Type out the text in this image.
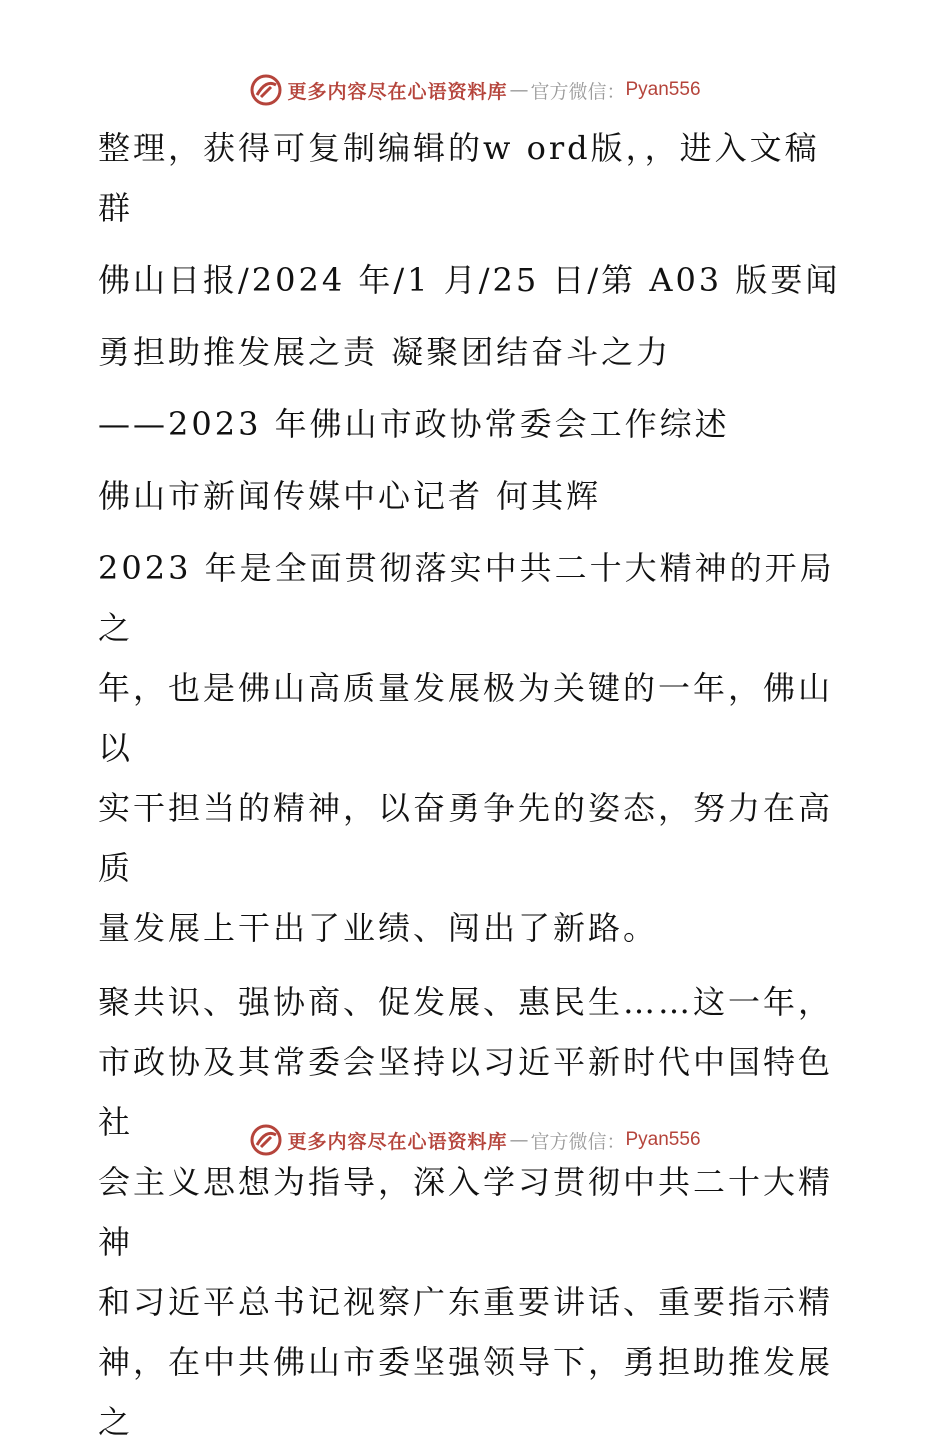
更多内容尽在心语资料库 — 官方微信： Pyan556

整理，获得可复制编辑的w ord版，，进入文稿

群

佛山日报/2024 年/1 月/25 日/第 A03 版要闻

勇担助推发展之责 凝聚团结奋斗之力

——2023 年佛山市政协常委会工作综述

佛山市新闻传媒中心记者 何其辉

2023 年是全面贯彻落实中共二十大精神的开局之

年，也是佛山高质量发展极为关键的一年，佛山以

实干担当的精神，以奋勇争先的姿态，努力在高质

量发展上干出了业绩、闯出了新路。

聚共识、强协商、促发展、惠民生……这一年，

市政协及其常委会坚持以习近平新时代中国特色社

会主义思想为指导，深入学习贯彻中共二十大精神

和习近平总书记视察广东重要讲话、重要指示精

神，在中共佛山市委坚强领导下，勇担助推发展之

更多内容尽在心语资料库 — 官方微信： Pyan556
